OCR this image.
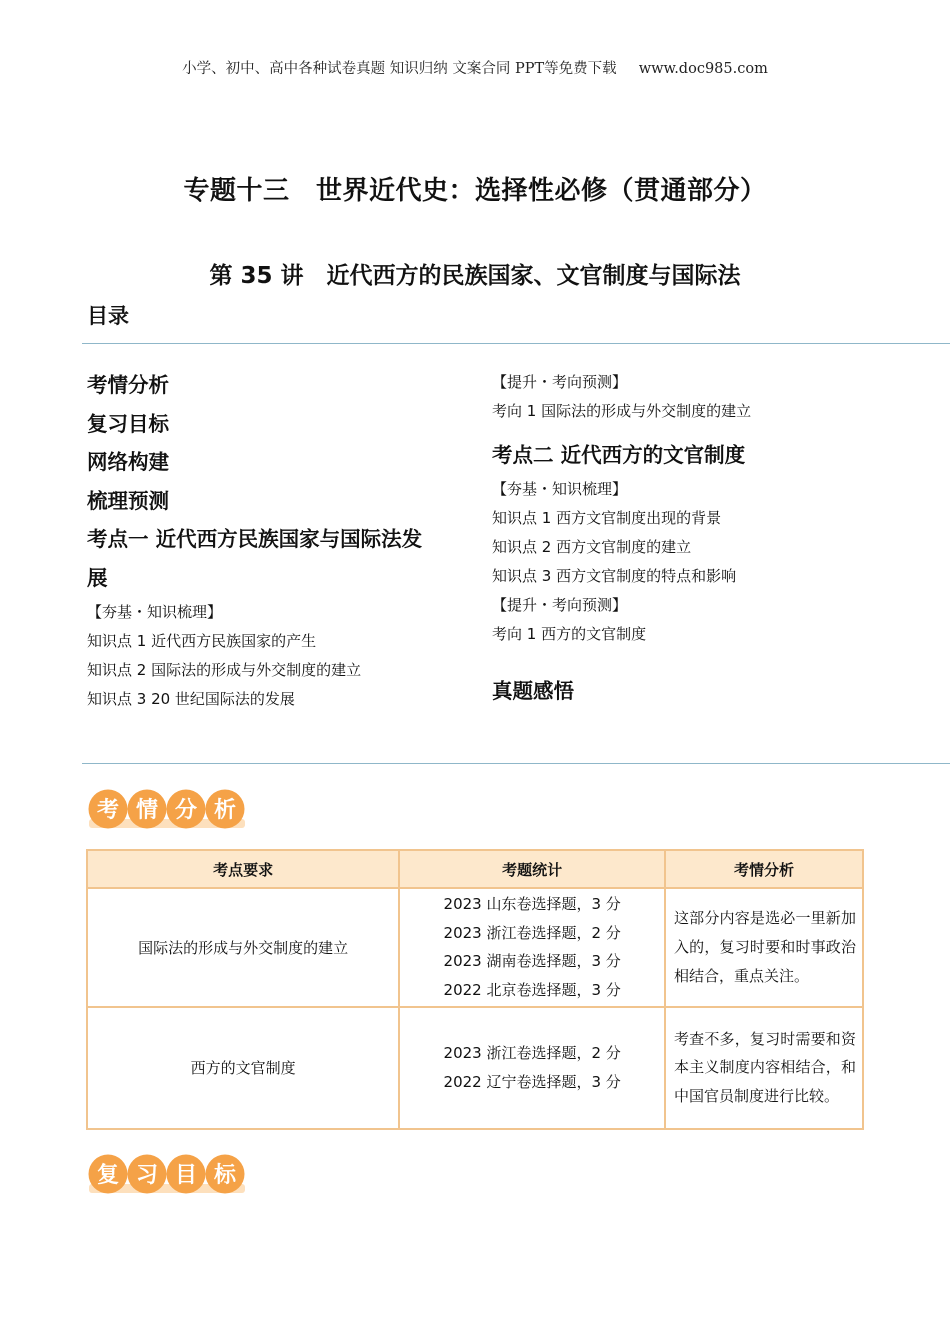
小学、初中、高中各种试卷真题 知识归纳 文案合同 PPT等免费下载 www.doc985.com
专题十三　世界近代史：选择性必修（贯通部分）
第 35 讲　近代西方的民族国家、文官制度与国际法
目录
考情分析
复习目标
网络构建
梳理预测
考点一 近代西方民族国家与国际法发
展
【夯基・知识梳理】
知识点 1 近代西方民族国家的产生
知识点 2 国际法的形成与外交制度的建立
知识点 3 20 世纪国际法的发展
【提升・考向预测】
考向 1 国际法的形成与外交制度的建立
考点二 近代西方的文官制度
【夯基・知识梳理】
知识点 1 西方文官制度出现的背景
知识点 2 西方文官制度的建立
知识点 3 西方文官制度的特点和影响
【提升・考向预测】
考向 1 西方的文官制度
真题感悟
考 情 分 析
考点要求	考题统计	考情分析
国际法的形成与外交制度的建立	2023 山东卷选择题，3 分
2023 浙江卷选择题，2 分
2023 湖南卷选择题，3 分
2022 北京卷选择题，3 分	这部分内容是选必一里新加入的，复习时要和时事政治相结合，重点关注。
西方的文官制度	2023 浙江卷选择题，2 分
2022 辽宁卷选择题，3 分	考查不多，复习时需要和资本主义制度内容相结合，和中国官员制度进行比较。
复 习 目 标
